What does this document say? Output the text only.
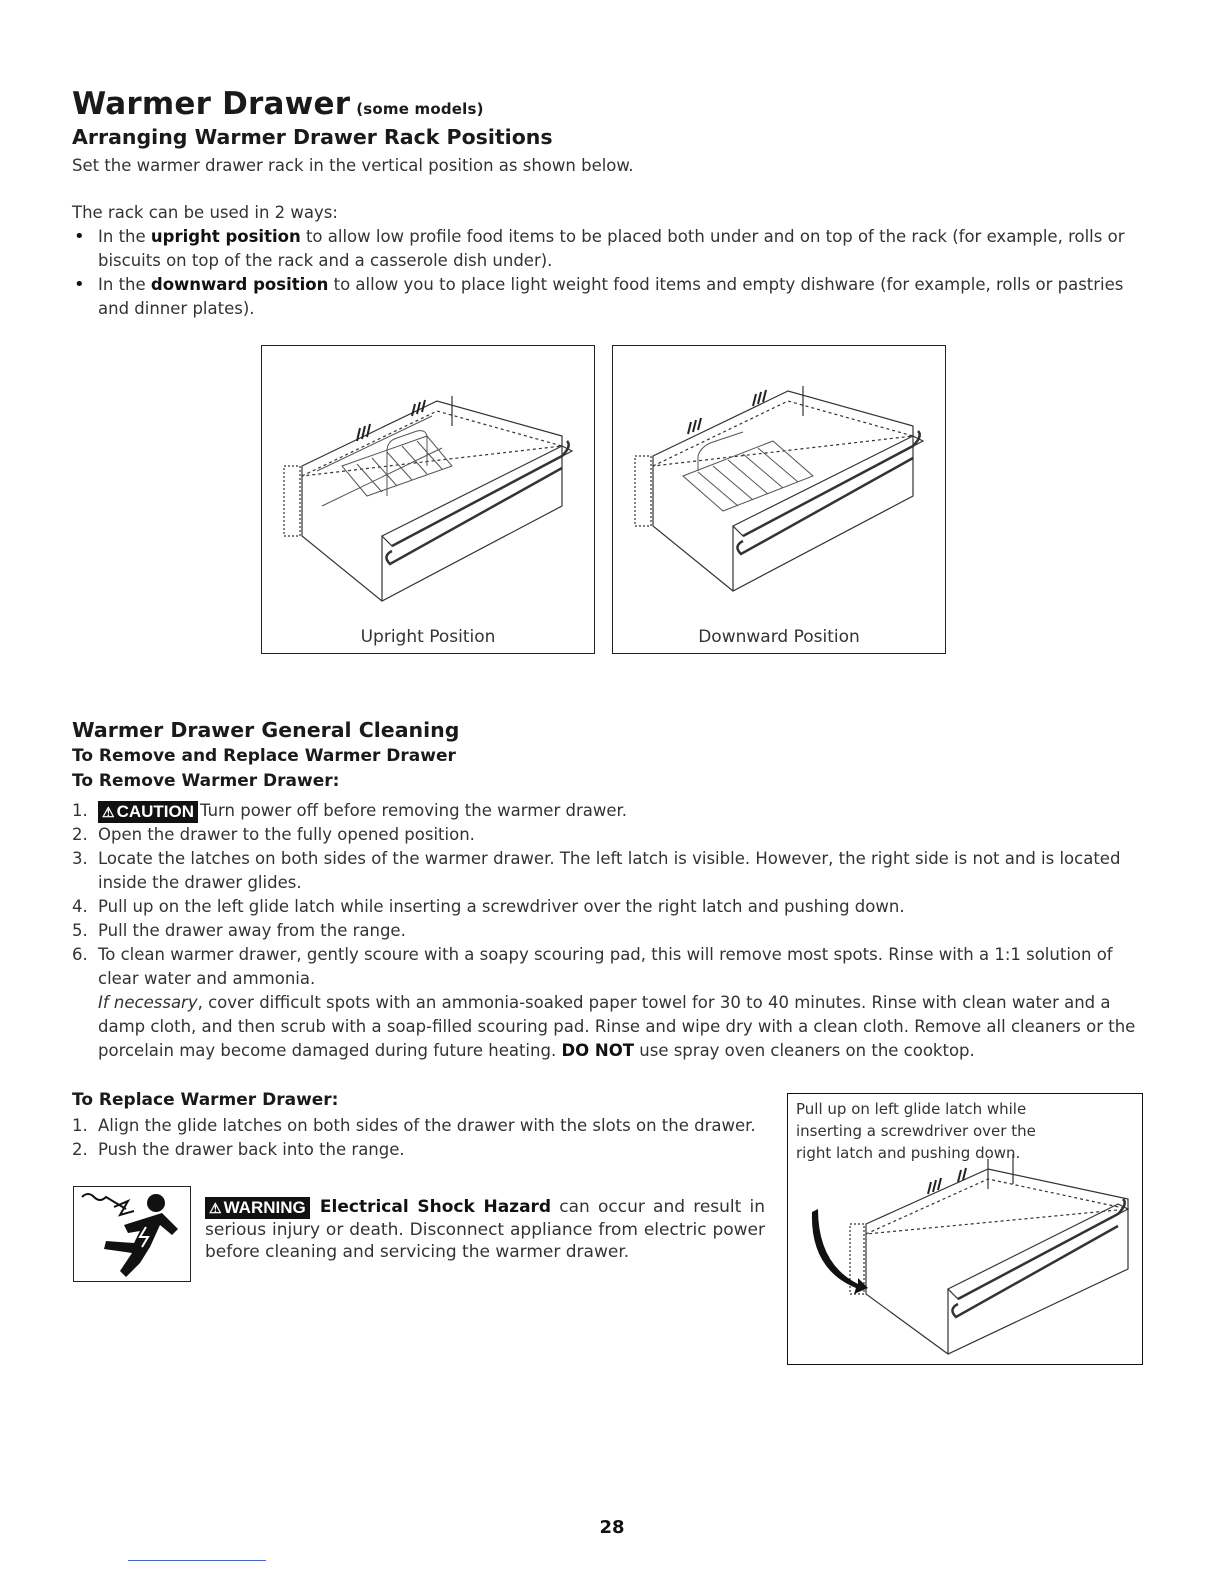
Warmer Drawer (some models)
Arranging Warmer Drawer Rack Positions
Set the warmer drawer rack in the vertical position as shown below.
The rack can be used in 2 ways:
• In the upright position to allow low profile food items to be placed both under and on top of the rack (for example, rolls or biscuits on top of the rack and a casserole dish under).
• In the downward position to allow you to place light weight food items and empty dishware (for example, rolls or pastries and dinner plates).
Upright Position	Downward Position
Warmer Drawer General Cleaning
To Remove and Replace Warmer Drawer
To Remove Warmer Drawer:
1. ⚠ CAUTION Turn power off before removing the warmer drawer.
2. Open the drawer to the fully opened position.
3. Locate the latches on both sides of the warmer drawer. The left latch is visible. However, the right side is not and is located inside the drawer glides.
4. Pull up on the left glide latch while inserting a screwdriver over the right latch and pushing down.
5. Pull the drawer away from the range.
6. To clean warmer drawer, gently scoure with a soapy scouring pad, this will remove most spots. Rinse with a 1:1 solution of clear water and ammonia.
If necessary, cover difficult spots with an ammonia-soaked paper towel for 30 to 40 minutes. Rinse with clean water and a damp cloth, and then scrub with a soap-filled scouring pad. Rinse and wipe dry with a clean cloth. Remove all cleaners or the porcelain may become damaged during future heating. DO NOT use spray oven cleaners on the cooktop.
To Replace Warmer Drawer:
1. Align the glide latches on both sides of the drawer with the slots on the drawer.
2. Push the drawer back into the range.
⚠ WARNING Electrical Shock Hazard can occur and result in serious injury or death. Disconnect appliance from electric power before cleaning and servicing the warmer drawer.
Pull up on left glide latch while inserting a screwdriver over the right latch and pushing down.
28
